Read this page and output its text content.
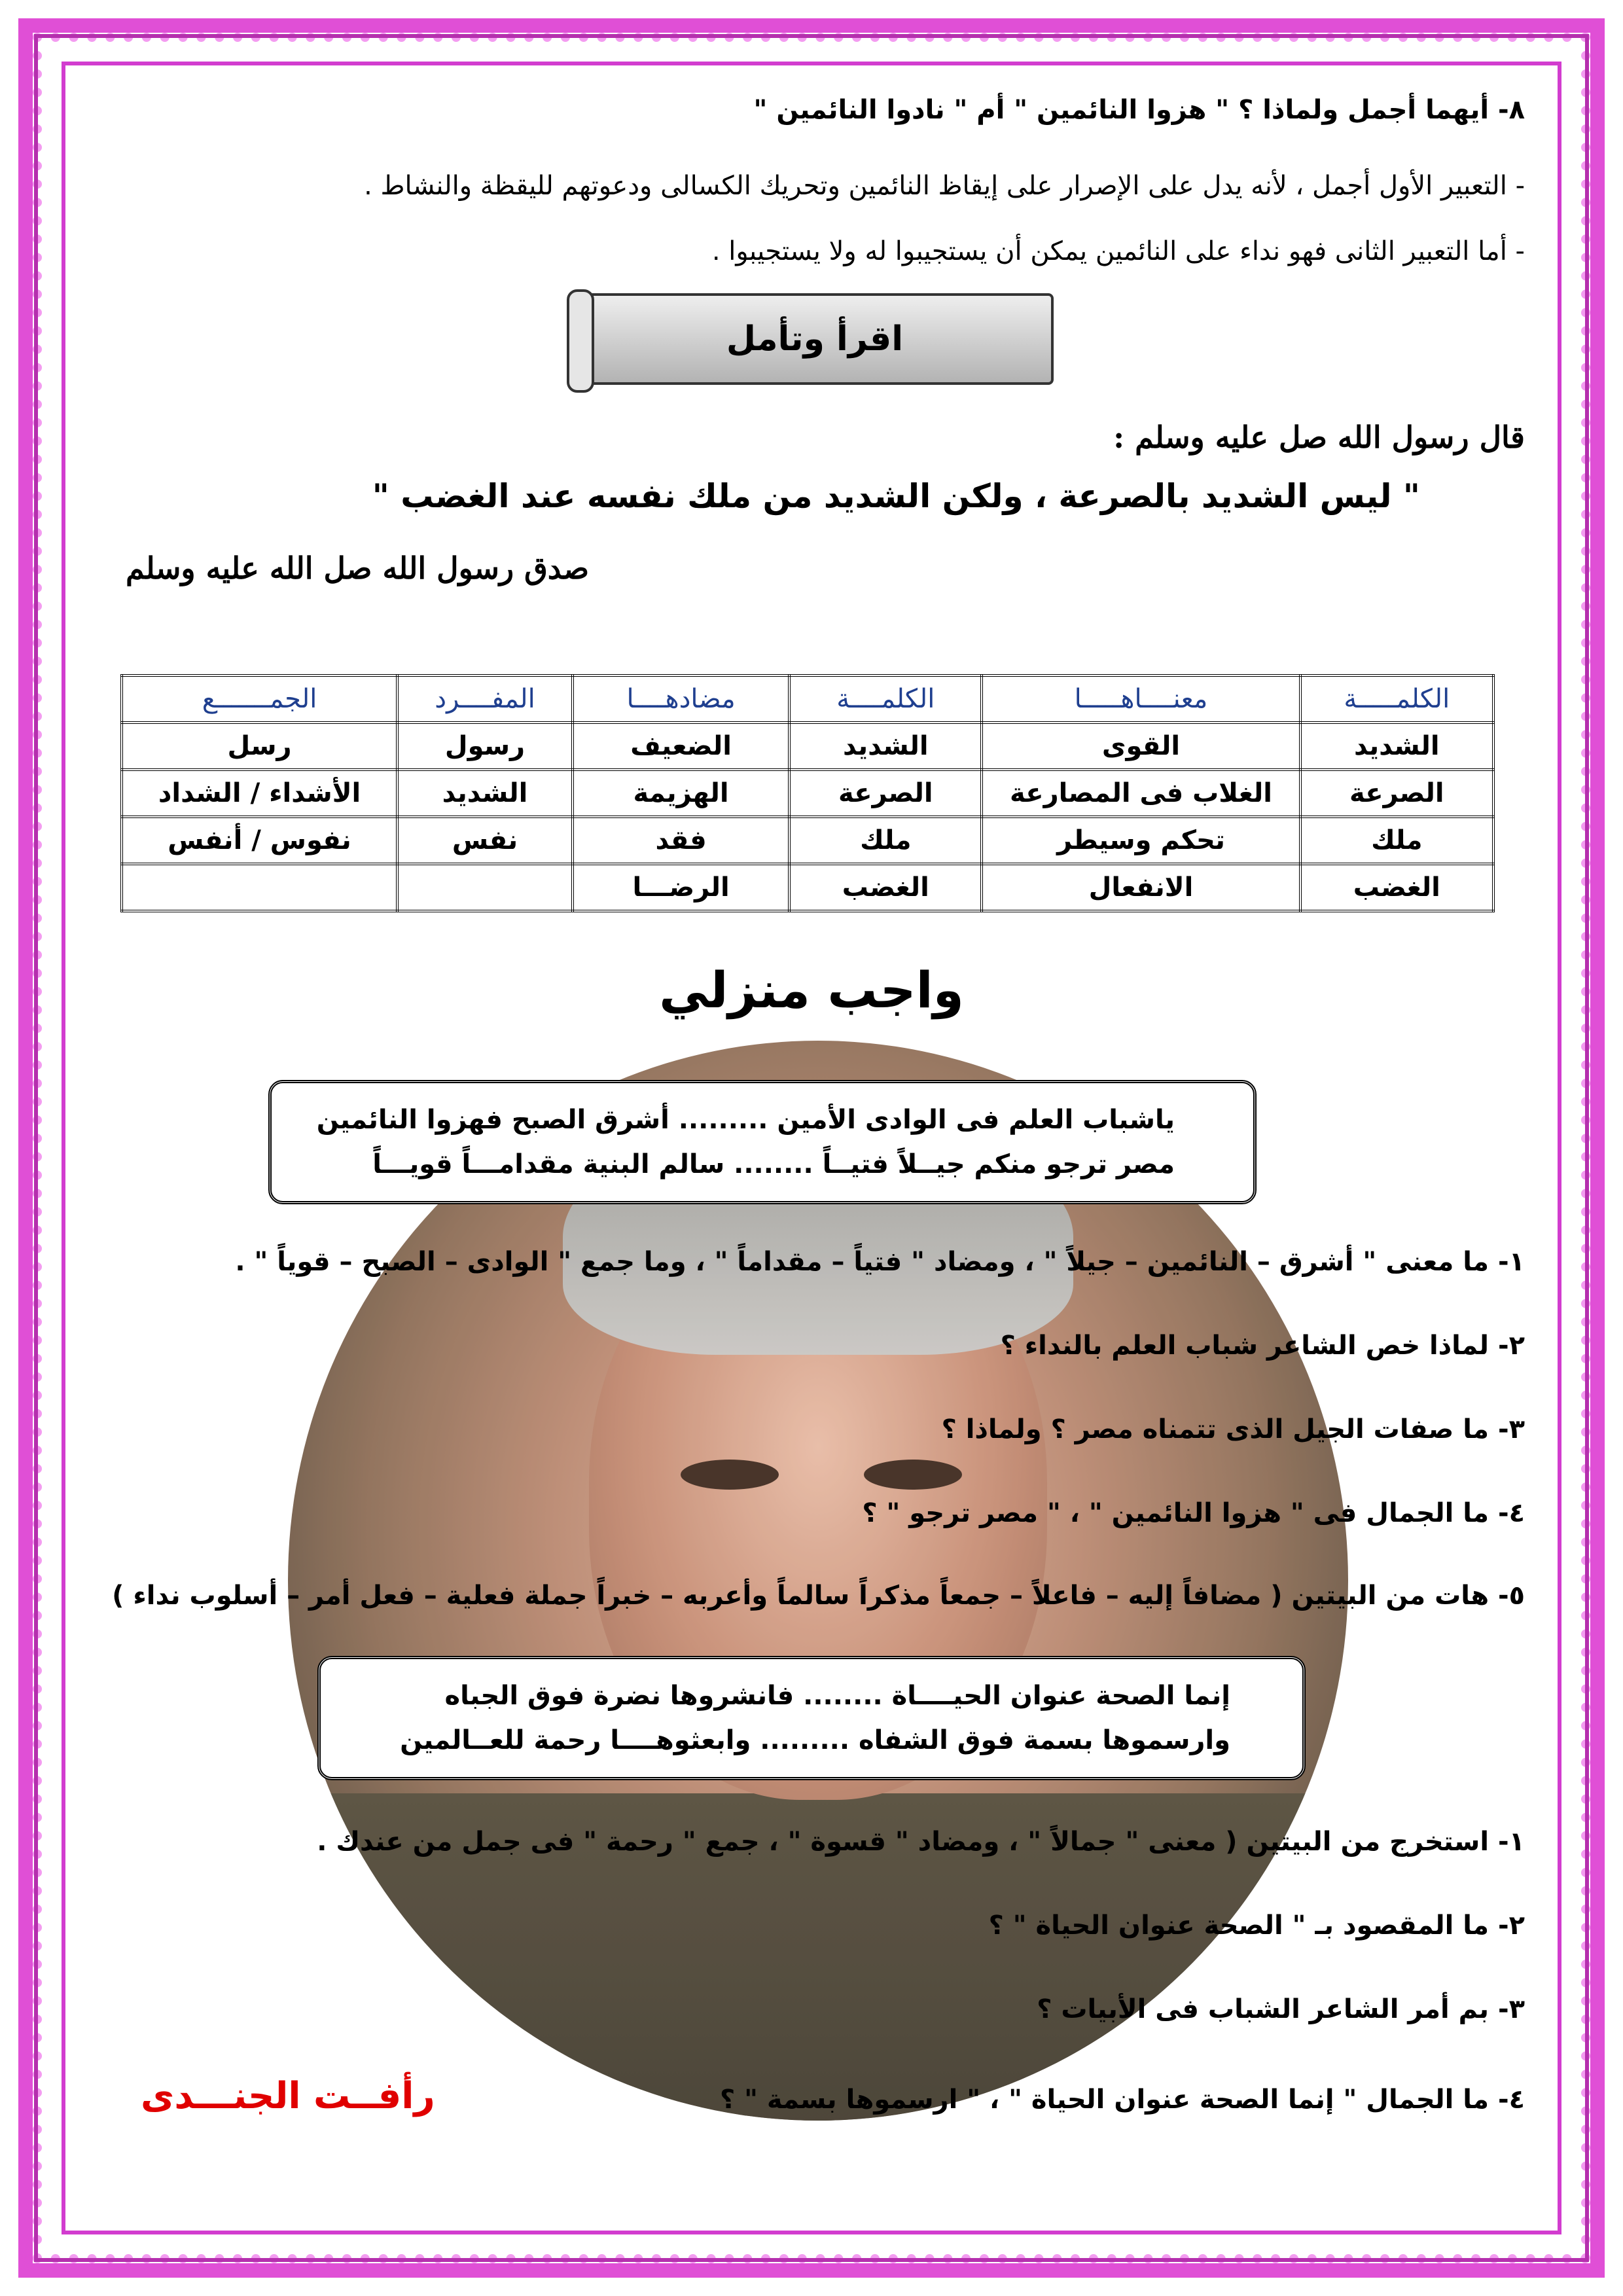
٨- أيهما أجمل ولماذا ؟ " هزوا النائمين " أم " نادوا النائمين "
- التعبير الأول أجمل ، لأنه يدل على الإصرار على إيقاظ النائمين وتحريك الكسالى ودعوتهم لليقظة والنشاط .
- أما التعبير الثانى فهو نداء على النائمين يمكن أن يستجيبوا له ولا يستجيبوا .
اقرأ وتأمل
قال رسول الله صل عليه وسلم :
" ليس الشديد بالصرعة ، ولكن الشديد من ملك نفسه عند الغضب "
صدق رسول الله صل الله عليه وسلم
الكلمـــــة	معنــــاهـــــا	الكلمــــة	مضادهــــا	المفــــرد	الجمـــــــع
الشديد	القوى	الشديد	الضعيف	رسول	رسل
الصرعة	الغلاب فى المصارعة	الصرعة	الهزيمة	الشديد	الأشداء / الشداد
ملك	تحكم وسيطر	ملك	فقد	نفس	نفوس / أنفس
الغضب	الانفعال	الغضب	الرضـــا		
واجب منزلي
ياشباب العلم فى الوادى الأمين ......... أشرق الصبح فهزوا النائمين
مصر ترجو منكم جيــلاً فتيــاً ........ سالم البنية مقدامـــاً قويـــاً
١- ما معنى " أشرق – النائمين – جيلاً " ، ومضاد " فتياً – مقداماً " ، وما جمع " الوادى – الصبح – قوياً " .
٢- لماذا خص الشاعر شباب العلم بالنداء ؟
٣- ما صفات الجيل الذى تتمناه مصر ؟ ولماذا ؟
٤- ما الجمال فى " هزوا النائمين " ، " مصر ترجو " ؟
٥- هات من البيتين ( مضافاً إليه – فاعلاً – جمعاً مذكراً سالماً وأعربه – خبراً جملة فعلية – فعل أمر – أسلوب نداء )
إنما الصحة عنوان الحيــــاة ........ فانشروها نضرة فوق الجباه
وارسموها بسمة فوق الشفاه ......... وابعثوهــــا رحمة للعــالمين
١- استخرج من البيتين ( معنى " جمالاً " ، ومضاد " قسوة " ، جمع " رحمة " فى جمل من عندك .
٢- ما المقصود بـ " الصحة عنوان الحياة " ؟
٣- بم أمر الشاعر الشباب فى الأبيات ؟
٤- ما الجمال " إنما الصحة عنوان الحياة " ، " ارسموها بسمة " ؟
رأفــت الجنـــدى
